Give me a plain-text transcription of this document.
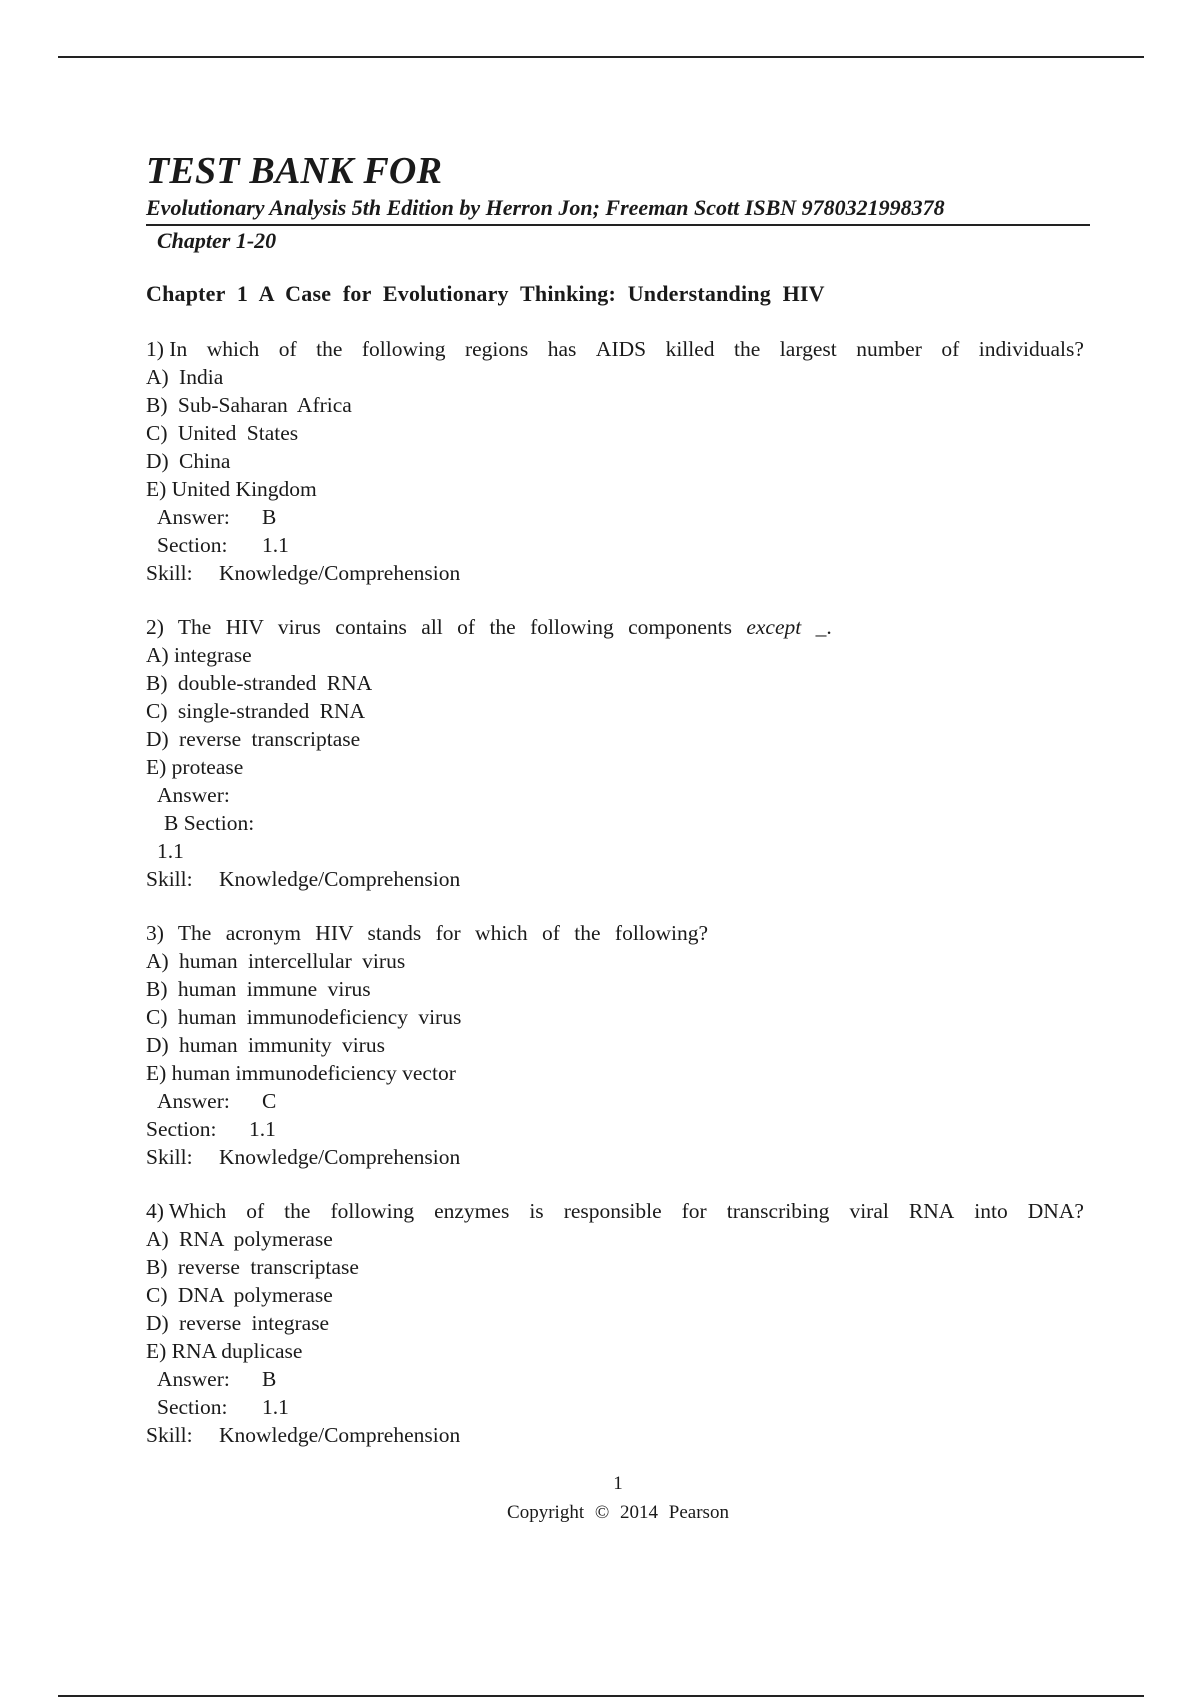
TEST BANK FOR
Evolutionary Analysis 5th Edition by Herron Jon; Freeman Scott ISBN 9780321998378
Chapter 1-20
Chapter 1 A Case for Evolutionary Thinking: Understanding HIV
1) In which of the following regions has AIDS killed the largest number of individuals?
A) India
B) Sub-Saharan Africa
C) United States
D) China
E) United Kingdom
Answer: B
Section: 1.1
Skill: Knowledge/Comprehension
2) The HIV virus contains all of the following components except _.
A) integrase
B) double-stranded RNA
C) single-stranded RNA
D) reverse transcriptase
E) protease
Answer:
B Section:
1.1
Skill: Knowledge/Comprehension
3) The acronym HIV stands for which of the following?
A) human intercellular virus
B) human immune virus
C) human immunodeficiency virus
D) human immunity virus
E) human immunodeficiency vector
Answer: C
Section: 1.1
Skill: Knowledge/Comprehension
4) Which of the following enzymes is responsible for transcribing viral RNA into DNA?
A) RNA polymerase
B) reverse transcriptase
C) DNA polymerase
D) reverse integrase
E) RNA duplicase
Answer: B
Section: 1.1
Skill: Knowledge/Comprehension
1
Copyright © 2014 Pearson
